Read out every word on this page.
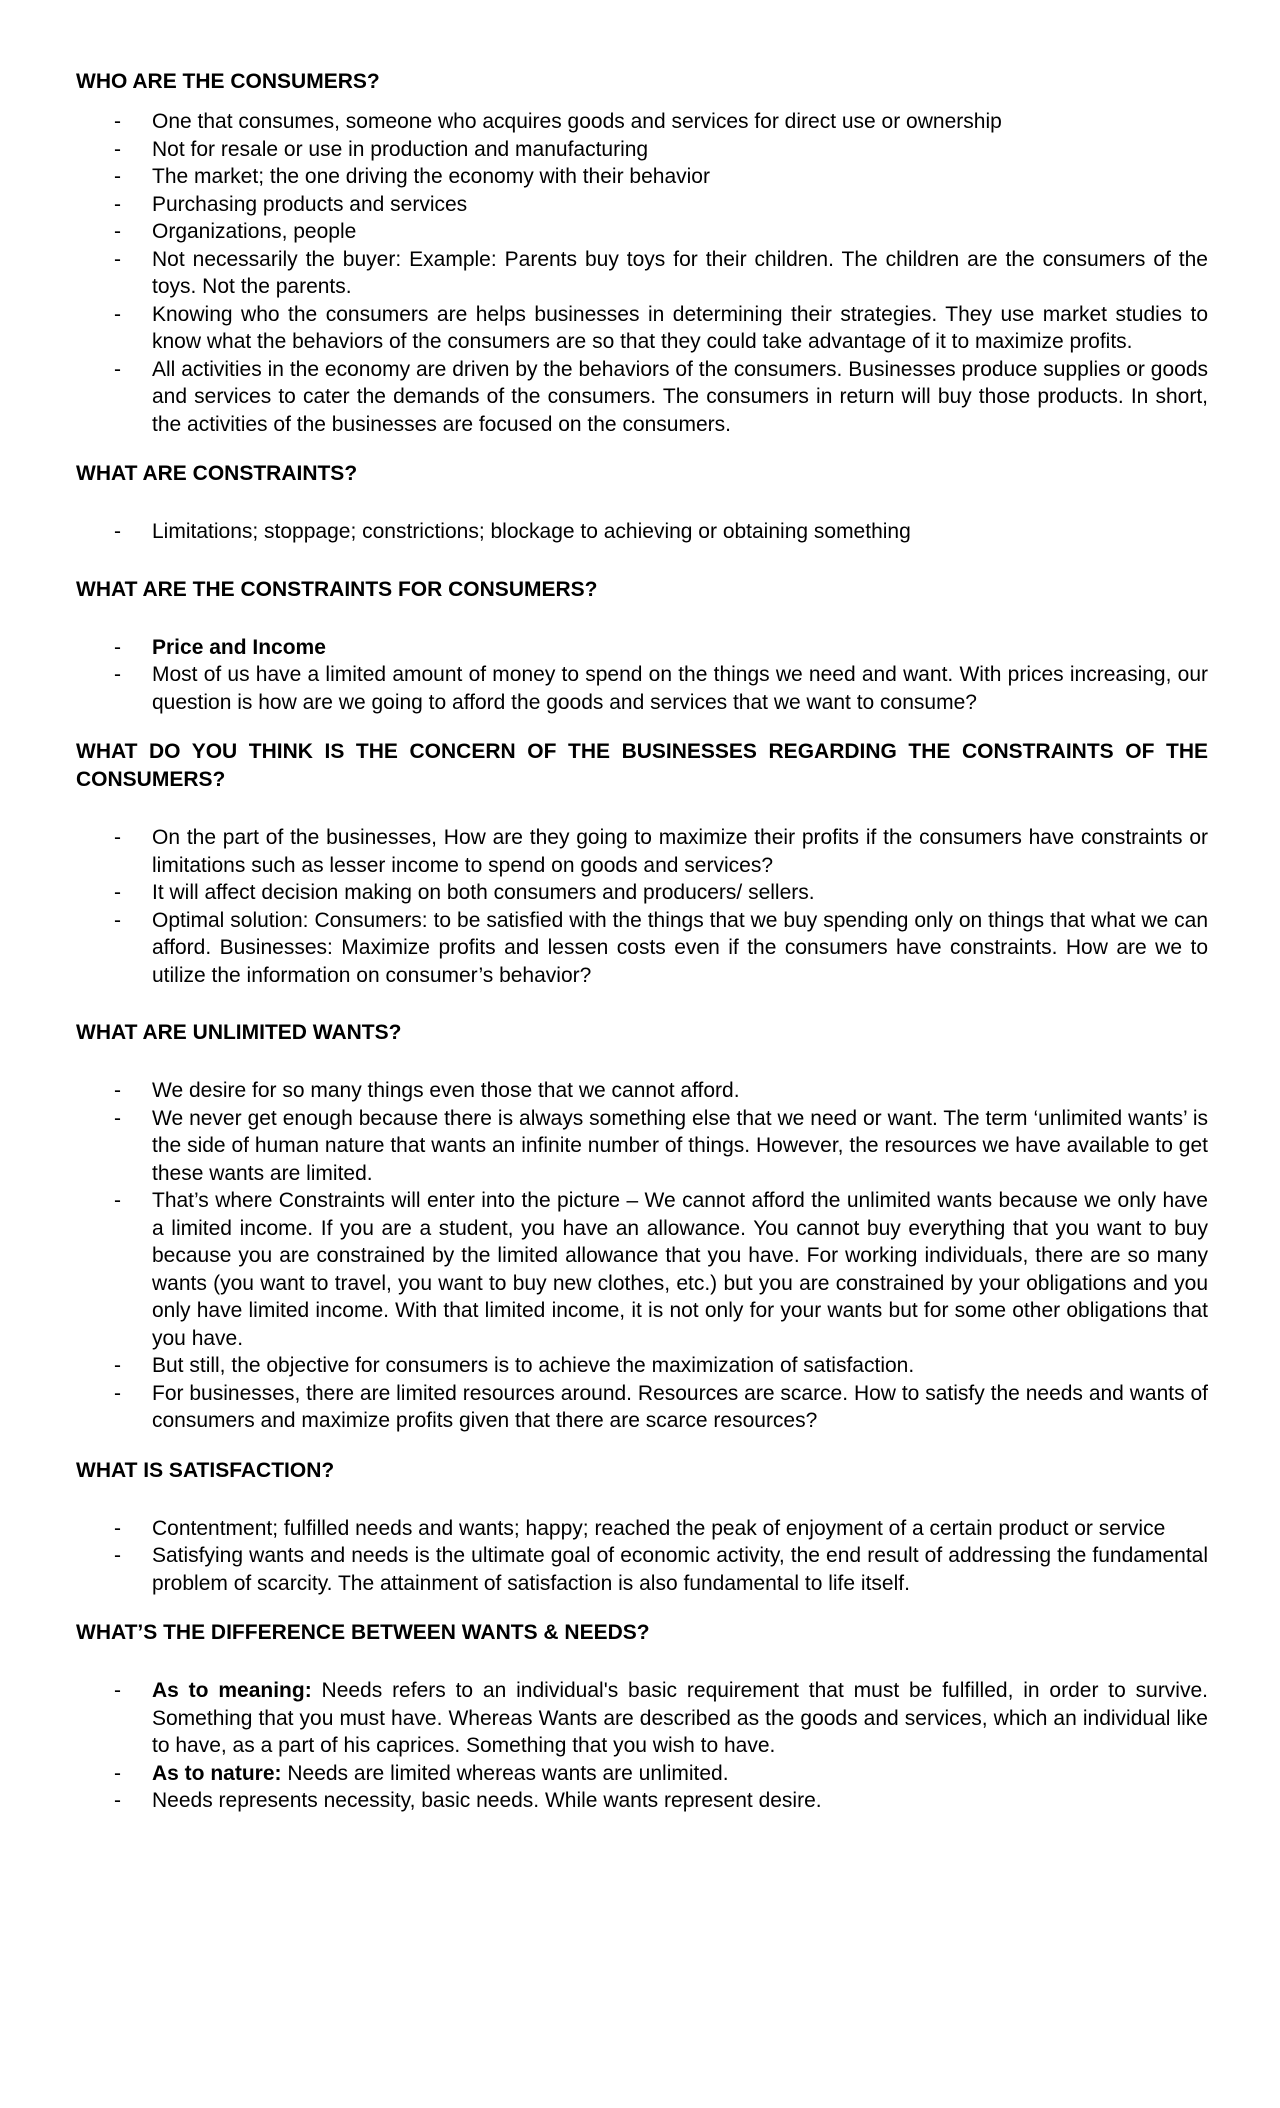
WHO ARE THE CONSUMERS?
- One that consumes, someone who acquires goods and services for direct use or ownership
- Not for resale or use in production and manufacturing
- The market; the one driving the economy with their behavior
- Purchasing products and services
- Organizations, people
- Not necessarily the buyer: Example: Parents buy toys for their children. The children are the consumers of the toys. Not the parents.
- Knowing who the consumers are helps businesses in determining their strategies. They use market studies to know what the behaviors of the consumers are so that they could take advantage of it to maximize profits.
- All activities in the economy are driven by the behaviors of the consumers. Businesses produce supplies or goods and services to cater the demands of the consumers. The consumers in return will buy those products. In short, the activities of the businesses are focused on the consumers.
WHAT ARE CONSTRAINTS?
- Limitations; stoppage; constrictions; blockage to achieving or obtaining something
WHAT ARE THE CONSTRAINTS FOR CONSUMERS?
- Price and Income
- Most of us have a limited amount of money to spend on the things we need and want. With prices increasing, our question is how are we going to afford the goods and services that we want to consume?
WHAT DO YOU THINK IS THE CONCERN OF THE BUSINESSES REGARDING THE CONSTRAINTS OF THE CONSUMERS?
- On the part of the businesses, How are they going to maximize their profits if the consumers have constraints or limitations such as lesser income to spend on goods and services?
- It will affect decision making on both consumers and producers/ sellers.
- Optimal solution: Consumers: to be satisfied with the things that we buy spending only on things that what we can afford. Businesses: Maximize profits and lessen costs even if the consumers have constraints. How are we to utilize the information on consumer’s behavior?
WHAT ARE UNLIMITED WANTS?
- We desire for so many things even those that we cannot afford.
- We never get enough because there is always something else that we need or want. The term ‘unlimited wants’ is the side of human nature that wants an infinite number of things. However, the resources we have available to get these wants are limited.
- That’s where Constraints will enter into the picture – We cannot afford the unlimited wants because we only have a limited income. If you are a student, you have an allowance. You cannot buy everything that you want to buy because you are constrained by the limited allowance that you have. For working individuals, there are so many wants (you want to travel, you want to buy new clothes, etc.) but you are constrained by your obligations and you only have limited income. With that limited income, it is not only for your wants but for some other obligations that you have.
- But still, the objective for consumers is to achieve the maximization of satisfaction.
- For businesses, there are limited resources around. Resources are scarce. How to satisfy the needs and wants of consumers and maximize profits given that there are scarce resources?
WHAT IS SATISFACTION?
- Contentment; fulfilled needs and wants; happy; reached the peak of enjoyment of a certain product or service
- Satisfying wants and needs is the ultimate goal of economic activity, the end result of addressing the fundamental problem of scarcity. The attainment of satisfaction is also fundamental to life itself.
WHAT’S THE DIFFERENCE BETWEEN WANTS & NEEDS?
- As to meaning: Needs refers to an individual's basic requirement that must be fulfilled, in order to survive. Something that you must have. Whereas Wants are described as the goods and services, which an individual like to have, as a part of his caprices. Something that you wish to have.
- As to nature: Needs are limited whereas wants are unlimited.
- Needs represents necessity, basic needs. While wants represent desire.
